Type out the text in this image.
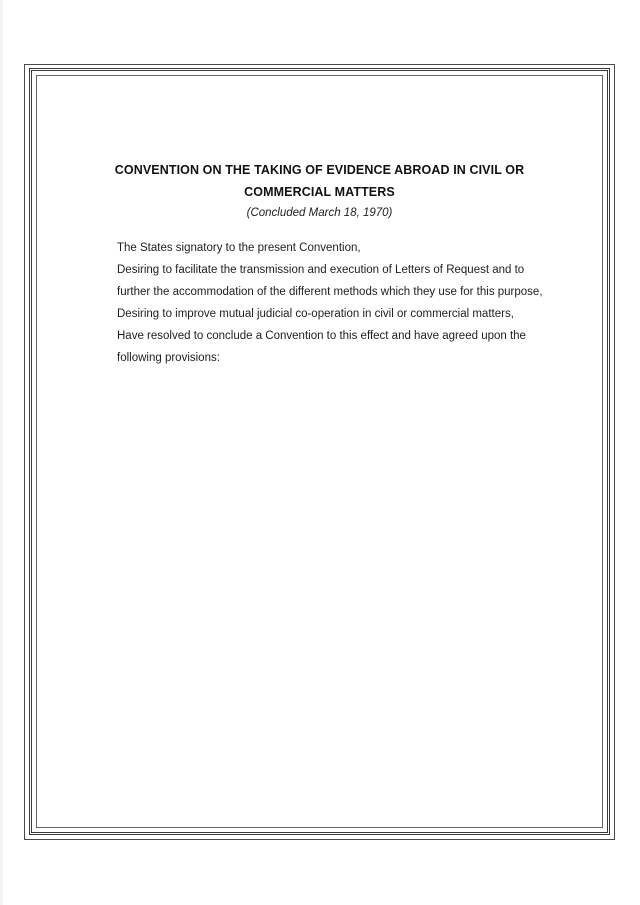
CONVENTION ON THE TAKING OF EVIDENCE ABROAD IN CIVIL OR
COMMERCIAL MATTERS
(Concluded March 18, 1970)
The States signatory to the present Convention,
Desiring to facilitate the transmission and execution of Letters of Request and to
further the accommodation of the different methods which they use for this purpose,
Desiring to improve mutual judicial co-operation in civil or commercial matters,
Have resolved to conclude a Convention to this effect and have agreed upon the
following provisions:
